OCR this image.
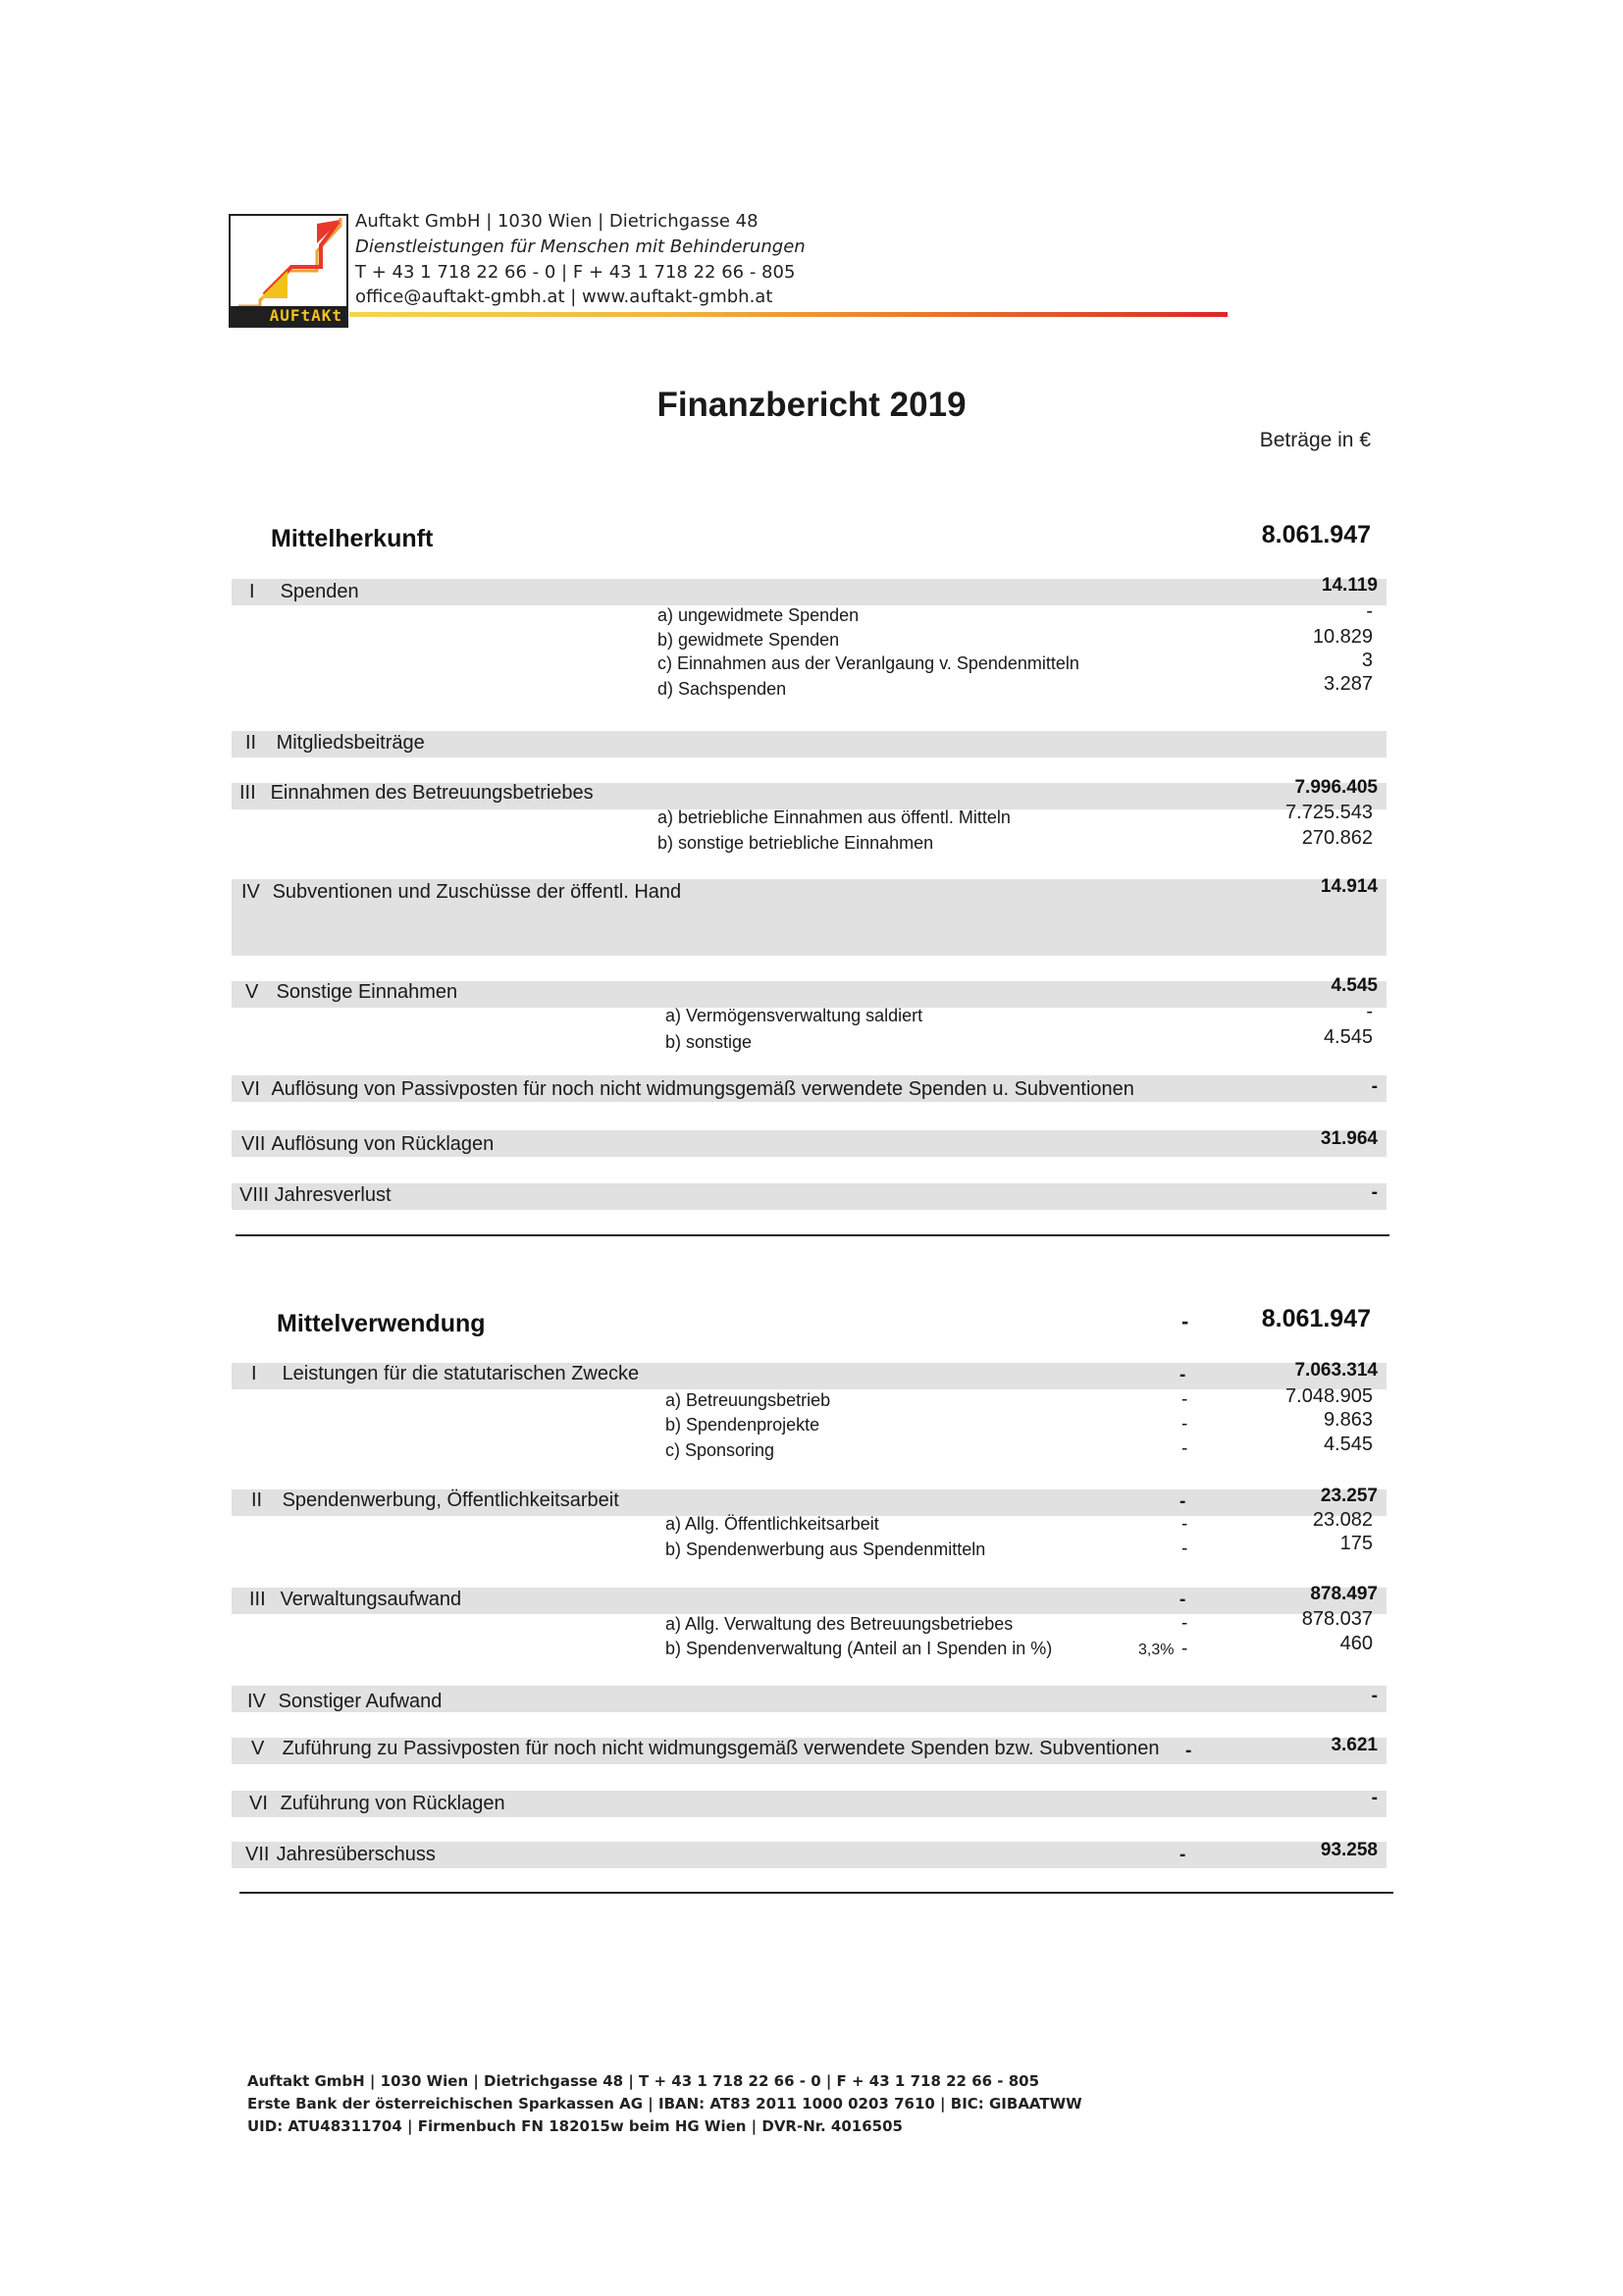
AUFtAKt
Auftakt GmbH | 1030 Wien | Dietrichgasse 48
Dienstleistungen für Menschen mit Behinderungen
T + 43 1 718 22 66 - 0 | F + 43 1 718 22 66 - 805
office@auftakt-gmbh.at | www.auftakt-gmbh.at
Finanzbericht 2019
Beträge in €
Mittelherkunft	8.061.947
I Spenden	14.119
a) ungewidmete Spenden	-
b) gewidmete Spenden	10.829
c) Einnahmen aus der Veranlgaung v. Spendenmitteln	3
d) Sachspenden	3.287
II Mitgliedsbeiträge
III Einnahmen des Betreuungsbetriebes	7.996.405
a) betriebliche Einnahmen aus öffentl. Mitteln	7.725.543
b) sonstige betriebliche Einnahmen	270.862
IV Subventionen und Zuschüsse der öffentl. Hand	14.914
V Sonstige Einnahmen	4.545
a) Vermögensverwaltung saldiert	-
b) sonstige	4.545
VI Auflösung von Passivposten für noch nicht widmungsgemäß verwendete Spenden u. Subventionen	-
VII Auflösung von Rücklagen	31.964
VIII Jahresverlust	-
Mittelverwendung	-	8.061.947
I Leistungen für die statutarischen Zwecke	-	7.063.314
a) Betreuungsbetrieb	-	7.048.905
b) Spendenprojekte	-	9.863
c) Sponsoring	-	4.545
II Spendenwerbung, Öffentlichkeitsarbeit	-	23.257
a) Allg. Öffentlichkeitsarbeit	-	23.082
b) Spendenwerbung aus Spendenmitteln	-	175
III Verwaltungsaufwand	-	878.497
a) Allg. Verwaltung des Betreuungsbetriebes	-	878.037
b) Spendenverwaltung (Anteil an I Spenden in %)	3,3% -	460
IV Sonstiger Aufwand	-
V Zuführung zu Passivposten für noch nicht widmungsgemäß verwendete Spenden bzw. Subventionen -	3.621
VI Zuführung von Rücklagen	-
VII Jahresüberschuss	-	93.258
Auftakt GmbH | 1030 Wien | Dietrichgasse 48 | T + 43 1 718 22 66 - 0 | F + 43 1 718 22 66 - 805
Erste Bank der österreichischen Sparkassen AG | IBAN: AT83 2011 1000 0203 7610 | BIC: GIBAATWW
UID: ATU48311704 | Firmenbuch FN 182015w beim HG Wien | DVR-Nr. 4016505
